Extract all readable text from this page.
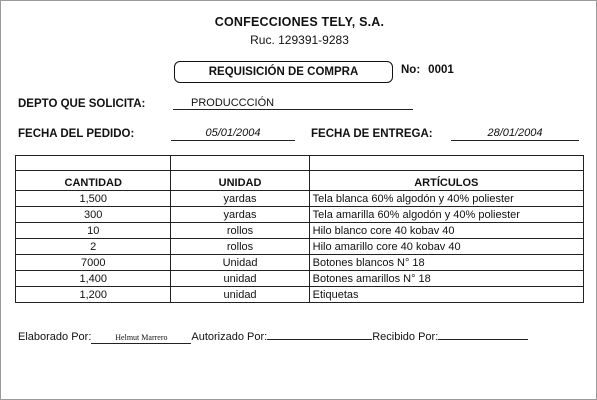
CONFECCIONES TELY, S.A.
Ruc. 129391-9283
REQUISICIÓN DE COMPRA	No: 0001
DEPTO QUE SOLICITA:	PRODUCCCIÓN
FECHA DEL PEDIDO:	05/01/2004	FECHA DE ENTREGA:	28/01/2004

CANTIDAD	UNIDAD	ARTÍCULOS
1,500	yardas	Tela blanca 60% algodón y 40% poliester
300	yardas	Tela amarilla 60% algodón y 40% poliester
10	rollos	Hilo blanco core 40 kobav 40
2	rollos	Hilo amarillo core 40 kobav 40
7000	Unidad	Botones blancos N° 18
1,400	unidad	Botones amarillos N° 18
1,200	unidad	Etiquetas
Elaborado Por:	Helmut Marrero Autorizado Por:	Recibido Por:
